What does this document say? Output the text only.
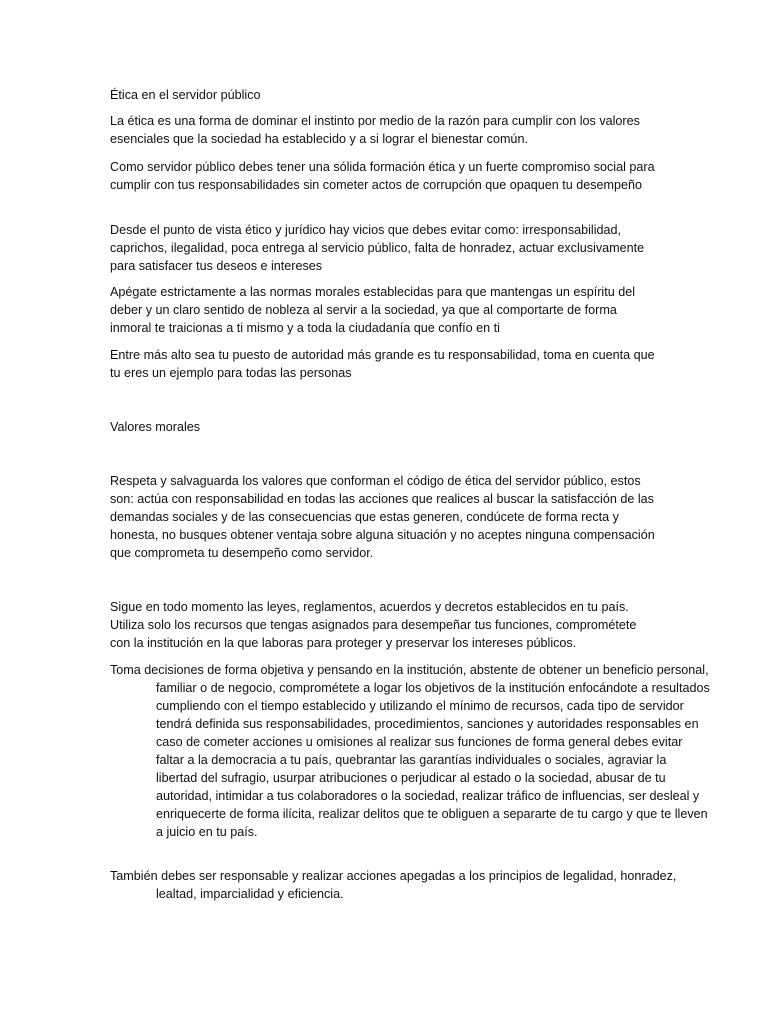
Ética en el servidor público

La ética es una forma de dominar el instinto por medio de la razón para cumplir con los valores esenciales que la sociedad ha establecido y a si lograr el bienestar común.

Como servidor público debes tener una sólida formación ética y un fuerte compromiso social para cumplir con tus responsabilidades sin cometer actos de corrupción que opaquen tu desempeño

Desde el punto de vista ético y jurídico hay vicios que debes evitar como: irresponsabilidad, caprichos, ilegalidad, poca entrega al servicio público, falta de honradez, actuar exclusivamente para satisfacer tus deseos e intereses

Apégate estrictamente a las normas morales establecidas para que mantengas un espíritu del deber y un claro sentido de nobleza al servir a la sociedad, ya que al comportarte de forma inmoral te traicionas a ti mismo y a toda la ciudadanía que confío en ti

Entre más alto sea tu puesto de autoridad más grande es tu responsabilidad, toma en cuenta que tu eres un ejemplo para todas las personas

Valores morales

Respeta y salvaguarda los valores que conforman el código de ética del servidor público, estos son: actúa con responsabilidad en todas las acciones que realices al buscar la satisfacción de las demandas sociales y de las consecuencias que estas generen, condúcete de forma recta y honesta, no busques obtener ventaja sobre alguna situación y no aceptes ninguna compensación que comprometa tu desempeño como servidor.

Sigue en todo momento las leyes, reglamentos, acuerdos y decretos establecidos en tu país. Utiliza solo los recursos que tengas asignados para desempeñar tus funciones, comprométete con la institución en la que laboras para proteger y preservar los intereses públicos.

Toma decisiones de forma objetiva y pensando en la institución, abstente de obtener un beneficio personal, familiar o de negocio, comprométete a logar los objetivos de la institución enfocándote a resultados cumpliendo con el tiempo establecido y utilizando el mínimo de recursos, cada tipo de servidor tendrá definida sus responsabilidades, procedimientos, sanciones y autoridades responsables en caso de cometer acciones u omisiones al realizar sus funciones de forma general debes evitar faltar a la democracia a tu país, quebrantar las garantías individuales o sociales, agraviar la libertad del sufragio, usurpar atribuciones o perjudicar al estado o la sociedad, abusar de tu autoridad, intimidar a tus colaboradores o la sociedad, realizar tráfico de influencias, ser desleal y enriquecerte de forma ilícita, realizar delitos que te obliguen a separarte de tu cargo y que te lleven a juicio en tu país.

También debes ser responsable y realizar acciones apegadas a los principios de legalidad, honradez, lealtad, imparcialidad y eficiencia.
